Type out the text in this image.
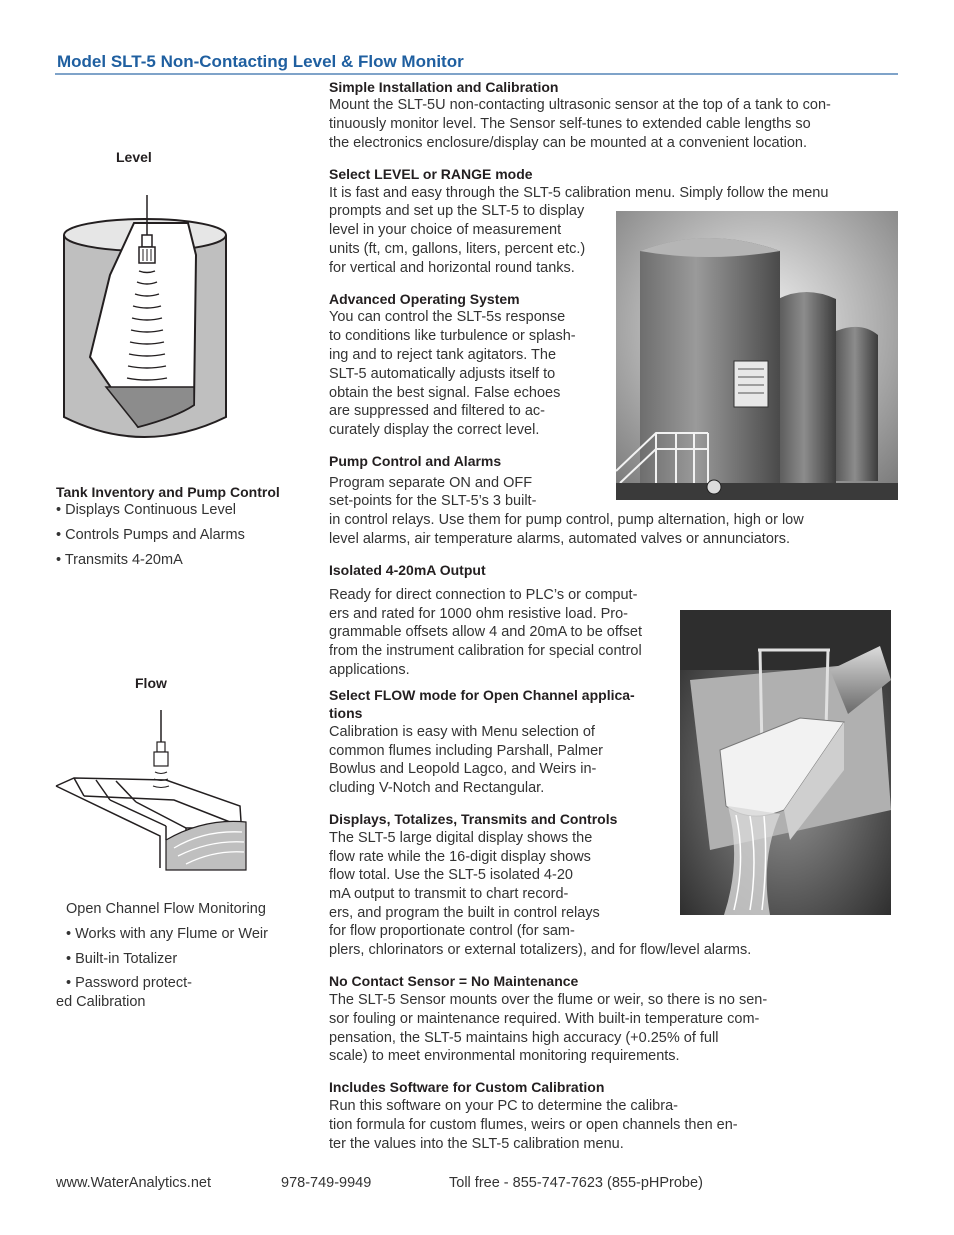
Model SLT-5 Non-Contacting Level & Flow Monitor
Level
Tank Inventory and Pump Control
• Displays Continuous Level
• Controls Pumps and Alarms
• Transmits 4-20mA
Flow
Open Channel Flow Monitoring
• Works with any Flume or Weir
• Built-in Totalizer
• Password protect-
ed Calibration
Simple Installation and Calibration
Mount the SLT-5U non-contacting ultrasonic sensor at the top of a tank to con-
tinuously monitor level. The Sensor self-tunes to extended cable lengths so
the electronics enclosure/display can be mounted at a convenient location.
Select LEVEL or RANGE mode
It is fast and easy through the SLT-5 calibration menu. Simply follow the menu
prompts and set up the SLT-5 to display
level in your choice of measurement
units (ft, cm, gallons, liters, percent etc.)
for vertical and horizontal round tanks.
Advanced Operating System
You can control the SLT-5s response
to conditions like turbulence or splash-
ing and to reject tank agitators. The
SLT-5 automatically adjusts itself to
obtain the best signal. False echoes
are suppressed and filtered to ac-
curately display the correct level.
Pump Control and Alarms
Program separate ON and OFF
set-points for the SLT-5’s 3 built-
in control relays. Use them for pump control, pump alternation, high or low
level alarms, air temperature alarms, automated valves or annunciators.
Isolated 4-20mA Output
Ready for direct connection to PLC’s or comput-
ers and rated for 1000 ohm resistive load. Pro-
grammable offsets allow 4 and 20mA to be offset
from the instrument calibration for special control
applications.
Select FLOW mode for Open Channel applica-
tions
Calibration is easy with Menu selection of
common flumes including Parshall, Palmer
Bowlus and Leopold Lagco, and Weirs in-
cluding V-Notch and Rectangular.
Displays, Totalizes, Transmits and Controls
The SLT-5 large digital display shows the
flow rate while the 16-digit display shows
flow total. Use the SLT-5 isolated 4-20
mA output to transmit to chart record-
ers, and program the built in control relays
for flow proportionate control (for sam-
plers, chlorinators or external totalizers), and for flow/level alarms.
No Contact Sensor = No Maintenance
The SLT-5 Sensor mounts over the flume or weir, so there is no sen-
sor fouling or maintenance required. With built-in temperature com-
pensation, the SLT-5 maintains high accuracy (+0.25% of full
scale) to meet environmental monitoring requirements.
Includes Software for Custom Calibration
Run this software on your PC to determine the calibra-
tion formula for custom flumes, weirs or open channels then en-
ter the values into the SLT-5 calibration menu.
www.WaterAnalytics.net	978-749-9949	Toll free - 855-747-7623 (855-pHProbe)
